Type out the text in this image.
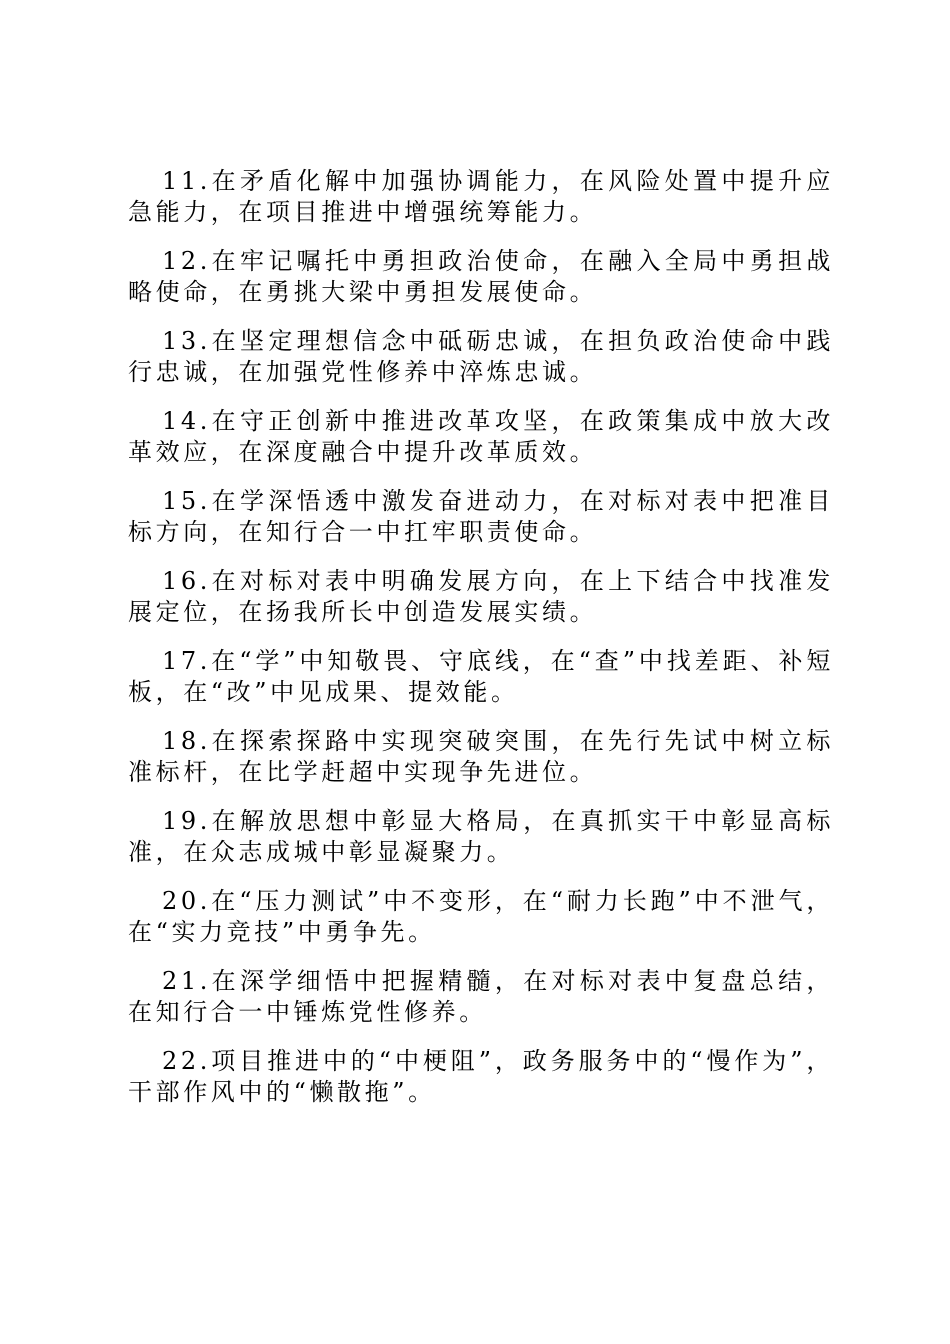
11.在矛盾化解中加强协调能力，在风险处置中提升应急能力，在项目推进中增强统筹能力。

12.在牢记嘱托中勇担政治使命，在融入全局中勇担战略使命，在勇挑大梁中勇担发展使命。

13.在坚定理想信念中砥砺忠诚，在担负政治使命中践行忠诚，在加强党性修养中淬炼忠诚。

14.在守正创新中推进改革攻坚，在政策集成中放大改革效应，在深度融合中提升改革质效。

15.在学深悟透中激发奋进动力，在对标对表中把准目标方向，在知行合一中扛牢职责使命。

16.在对标对表中明确发展方向，在上下结合中找准发展定位，在扬我所长中创造发展实绩。

17.在“学”中知敬畏、守底线，在“查”中找差距、补短板，在“改”中见成果、提效能。

18.在探索探路中实现突破突围，在先行先试中树立标准标杆，在比学赶超中实现争先进位。

19.在解放思想中彰显大格局，在真抓实干中彰显高标准，在众志成城中彰显凝聚力。

20.在“压力测试”中不变形，在“耐力长跑”中不泄气，在“实力竞技”中勇争先。

21.在深学细悟中把握精髓，在对标对表中复盘总结，在知行合一中锤炼党性修养。

22.项目推进中的“中梗阻”，政务服务中的“慢作为”，干部作风中的“懒散拖”。
